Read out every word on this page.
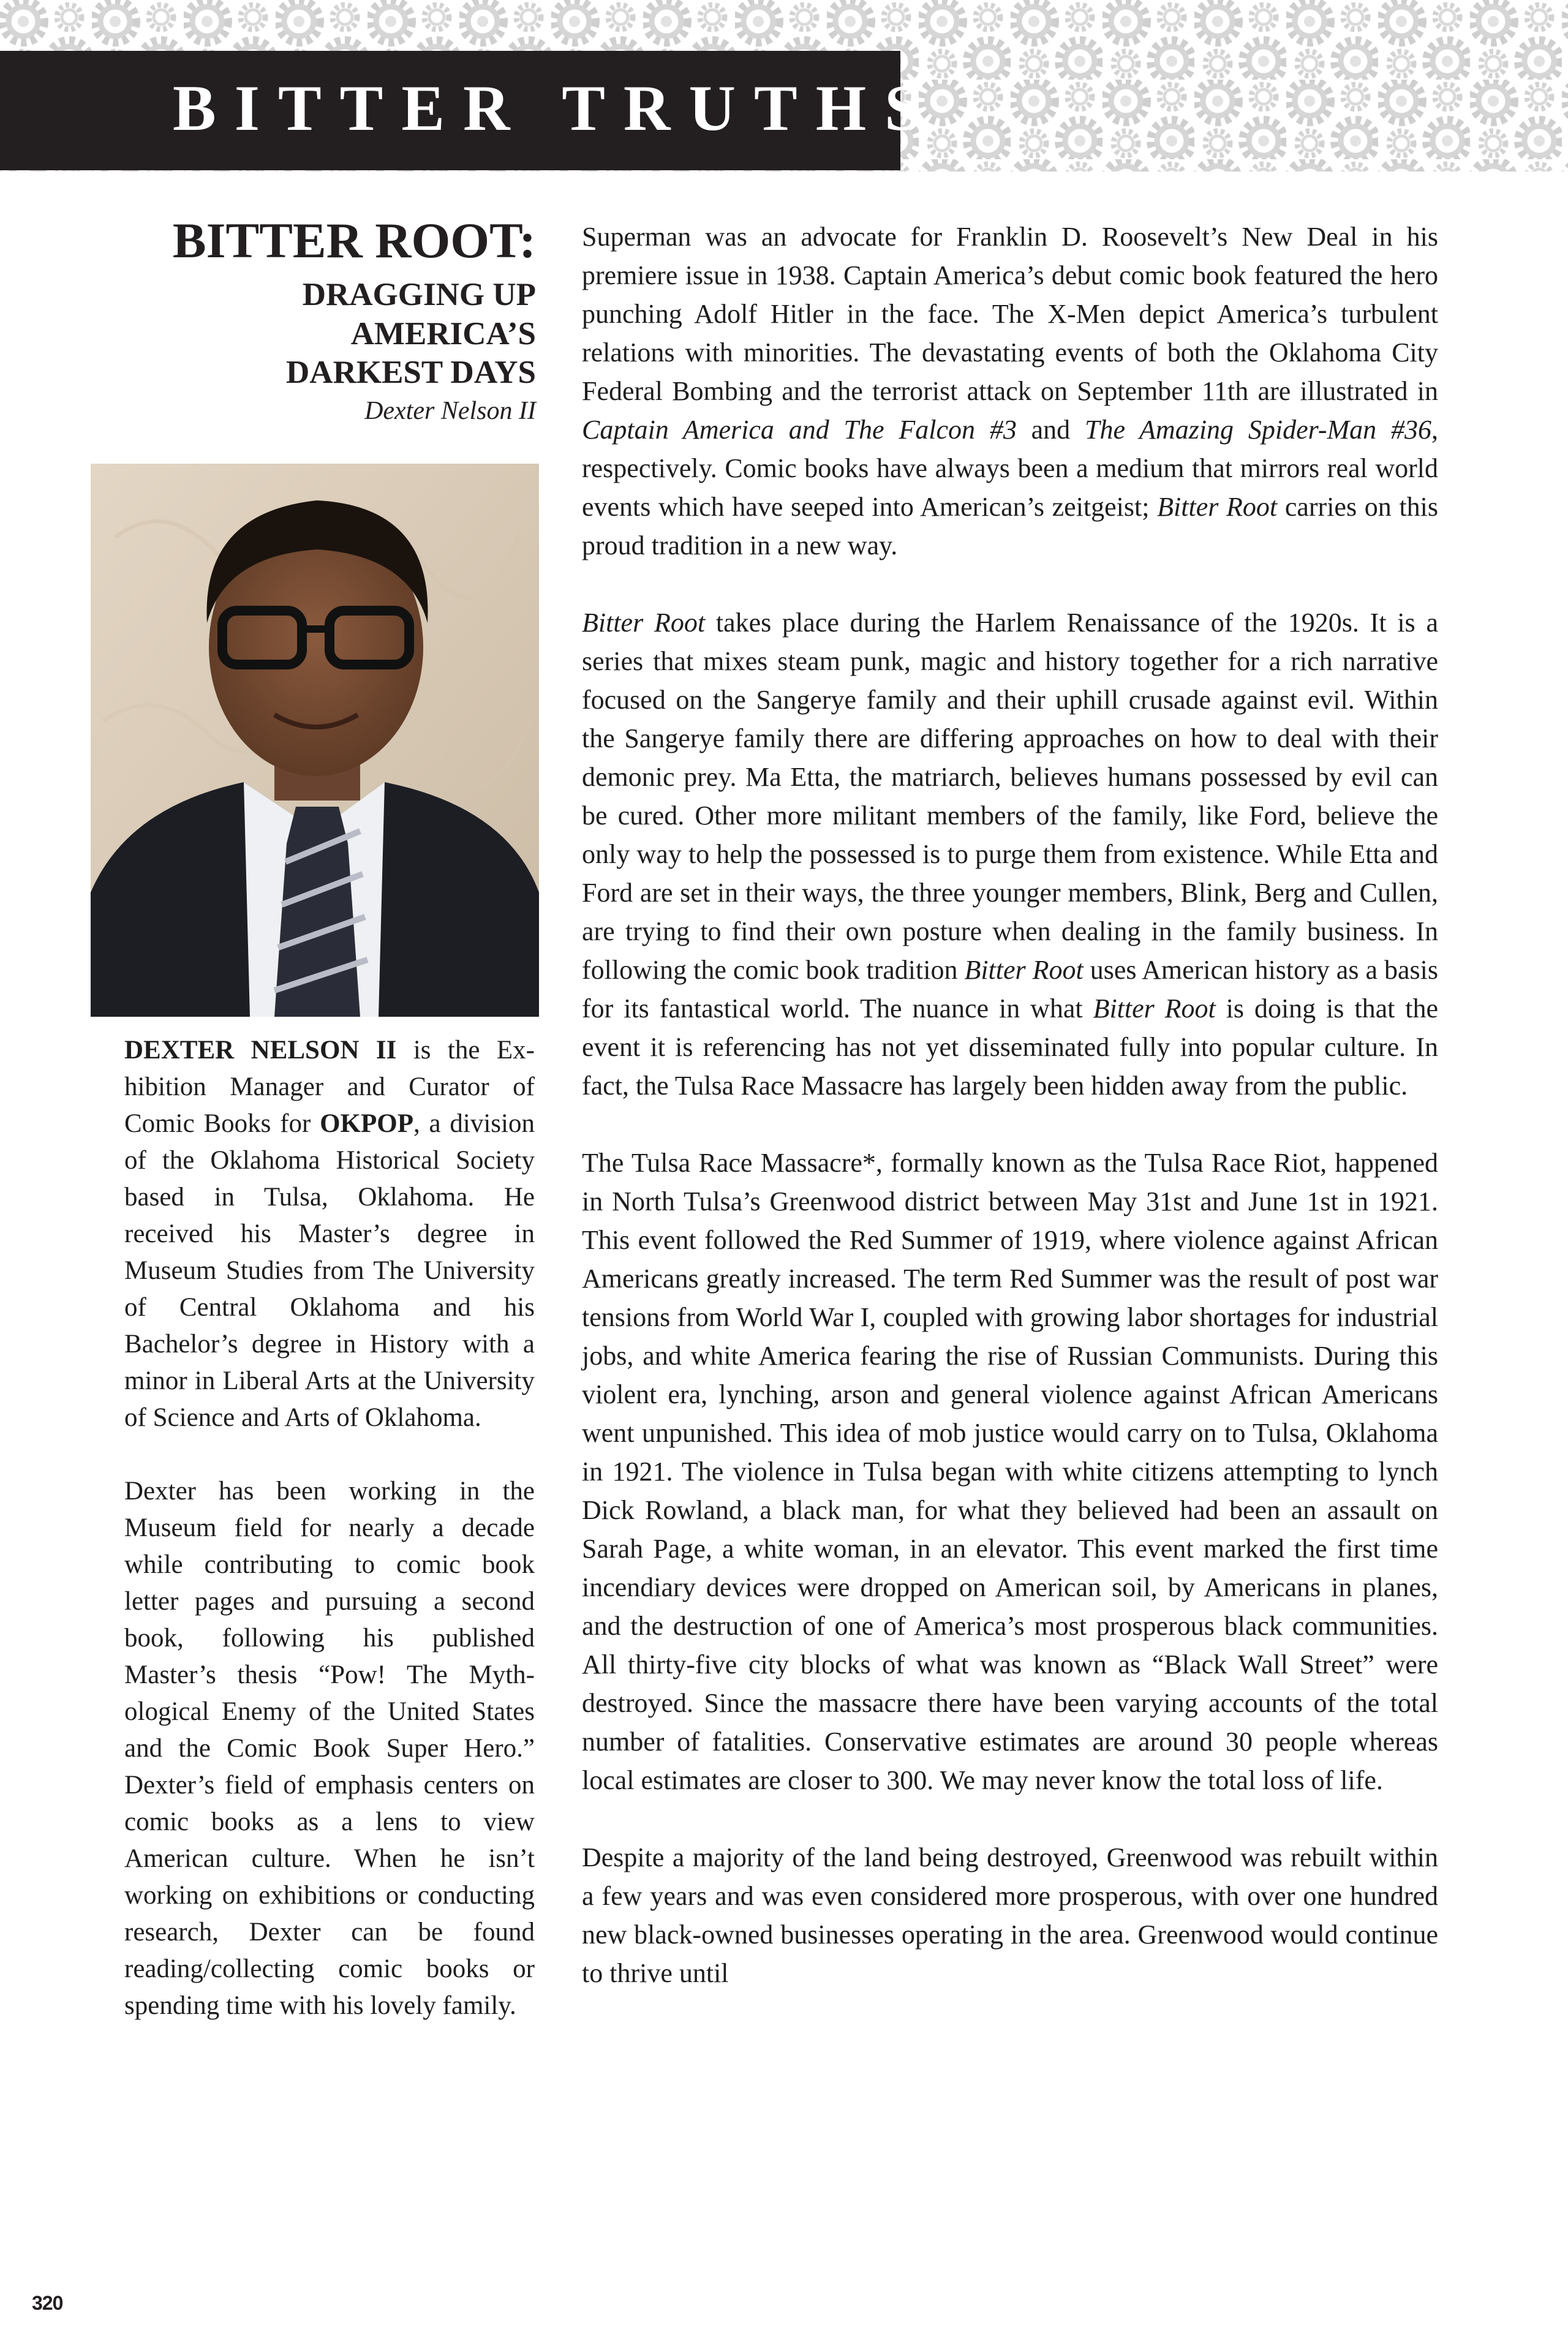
BITTER TRUTHS
BITTER ROOT:
DRAGGING UP
AMERICA’S
DARKEST DAYS
Dexter Nelson II

DEXTER NELSON II is the Exhibition Manager and Curator of Comic Books for OKPOP, a division of the Oklahoma Historical Society based in Tulsa, Oklahoma. He received his Master’s degree in Museum Studies from The University of Central Oklahoma and his Bachelor’s degree in History with a minor in Liberal Arts at the University of Science and Arts of Oklahoma.

Dexter has been working in the Museum field for nearly a decade while contributing to comic book letter pages and pursuing a second book, following his published Master’s thesis “Pow! The Mythological Enemy of the United States and the Comic Book Super Hero.” Dexter’s field of emphasis centers on comic books as a lens to view American culture. When he isn’t working on exhibitions or conducting research, Dexter can be found reading/collecting comic books or spending time with his lovely family.

Superman was an advocate for Franklin D. Roosevelt’s New Deal in his premiere issue in 1938. Captain America’s debut comic book featured the hero punching Adolf Hitler in the face. The X-Men depict America’s turbulent relations with minorities. The devastating events of both the Oklahoma City Federal Bombing and the terrorist attack on September 11th are illustrated in Captain America and The Falcon #3 and The Amazing Spider-Man #36, respectively. Comic books have always been a medium that mirrors real world events which have seeped into American’s zeitgeist; Bitter Root carries on this proud tradition in a new way.

Bitter Root takes place during the Harlem Renaissance of the 1920s. It is a series that mixes steam punk, magic and history together for a rich narrative focused on the Sangerye family and their uphill crusade against evil. Within the Sangerye family there are differing approaches on how to deal with their demonic prey. Ma Etta, the matriarch, believes humans possessed by evil can be cured. Other more militant members of the family, like Ford, believe the only way to help the possessed is to purge them from existence. While Etta and Ford are set in their ways, the three younger members, Blink, Berg and Cullen, are trying to find their own posture when dealing in the family business. In following the comic book tradition Bitter Root uses American history as a basis for its fantastical world. The nuance in what Bitter Root is doing is that the event it is referencing has not yet disseminated fully into popular culture. In fact, the Tulsa Race Massacre has largely been hidden away from the public.

The Tulsa Race Massacre*, formally known as the Tulsa Race Riot, happened in North Tulsa’s Greenwood district between May 31st and June 1st in 1921. This event followed the Red Summer of 1919, where violence against African Americans greatly increased. The term Red Summer was the result of post war tensions from World War I, coupled with growing labor shortages for industrial jobs, and white America fearing the rise of Russian Communists. During this violent era, lynching, arson and general violence against African Americans went unpunished. This idea of mob justice would carry on to Tulsa, Oklahoma in 1921. The violence in Tulsa began with white citizens attempting to lynch Dick Rowland, a black man, for what they believed had been an assault on Sarah Page, a white woman, in an elevator. This event marked the first time incendiary devices were dropped on American soil, by Americans in planes, and the destruction of one of America’s most prosperous black communities. All thirty-five city blocks of what was known as “Black Wall Street” were destroyed. Since the massacre there have been varying accounts of the total number of fatalities. Conservative estimates are around 30 people whereas local estimates are closer to 300. We may never know the total loss of life.

Despite a majority of the land being destroyed, Greenwood was rebuilt within a few years and was even considered more prosperous, with over one hundred new black-owned businesses operating in the area. Greenwood would continue to thrive until

320
